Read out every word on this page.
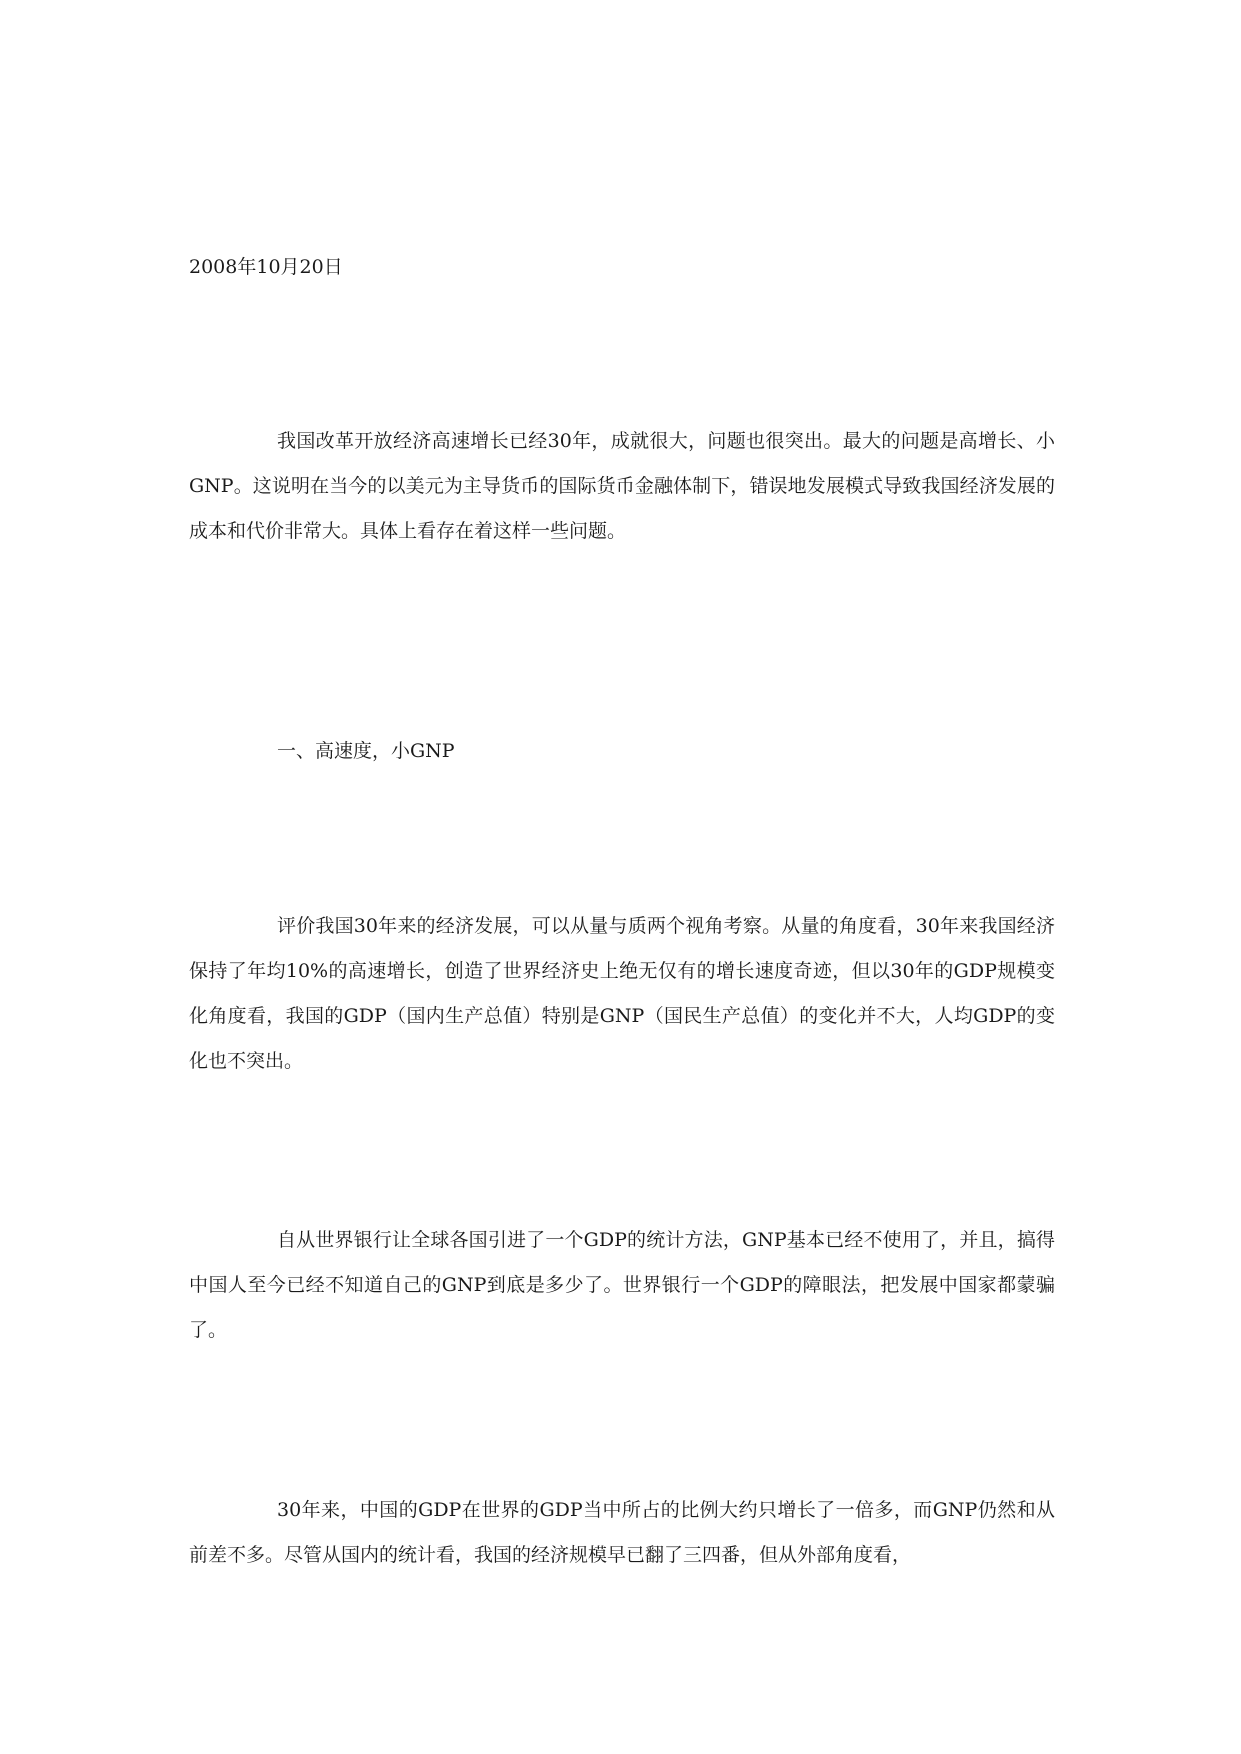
2008年10月20日

我国改革开放经济高速增长已经30年，成就很大，问题也很突出。最大的问题是高增长、小GNP。这说明在当今的以美元为主导货币的国际货币金融体制下，错误地发展模式导致我国经济发展的成本和代价非常大。具体上看存在着这样一些问题。

一、高速度，小GNP

评价我国30年来的经济发展，可以从量与质两个视角考察。从量的角度看，30年来我国经济保持了年均10%的高速增长，创造了世界经济史上绝无仅有的增长速度奇迹，但以30年的GDP规模变化角度看，我国的GDP（国内生产总值）特别是GNP（国民生产总值）的变化并不大，人均GDP的变化也不突出。

自从世界银行让全球各国引进了一个GDP的统计方法，GNP基本已经不使用了，并且，搞得中国人至今已经不知道自己的GNP到底是多少了。世界银行一个GDP的障眼法，把发展中国家都蒙骗了。

30年来，中国的GDP在世界的GDP当中所占的比例大约只增长了一倍多，而GNP仍然和从前差不多。尽管从国内的统计看，我国的经济规模早已翻了三四番，但从外部角度看，
